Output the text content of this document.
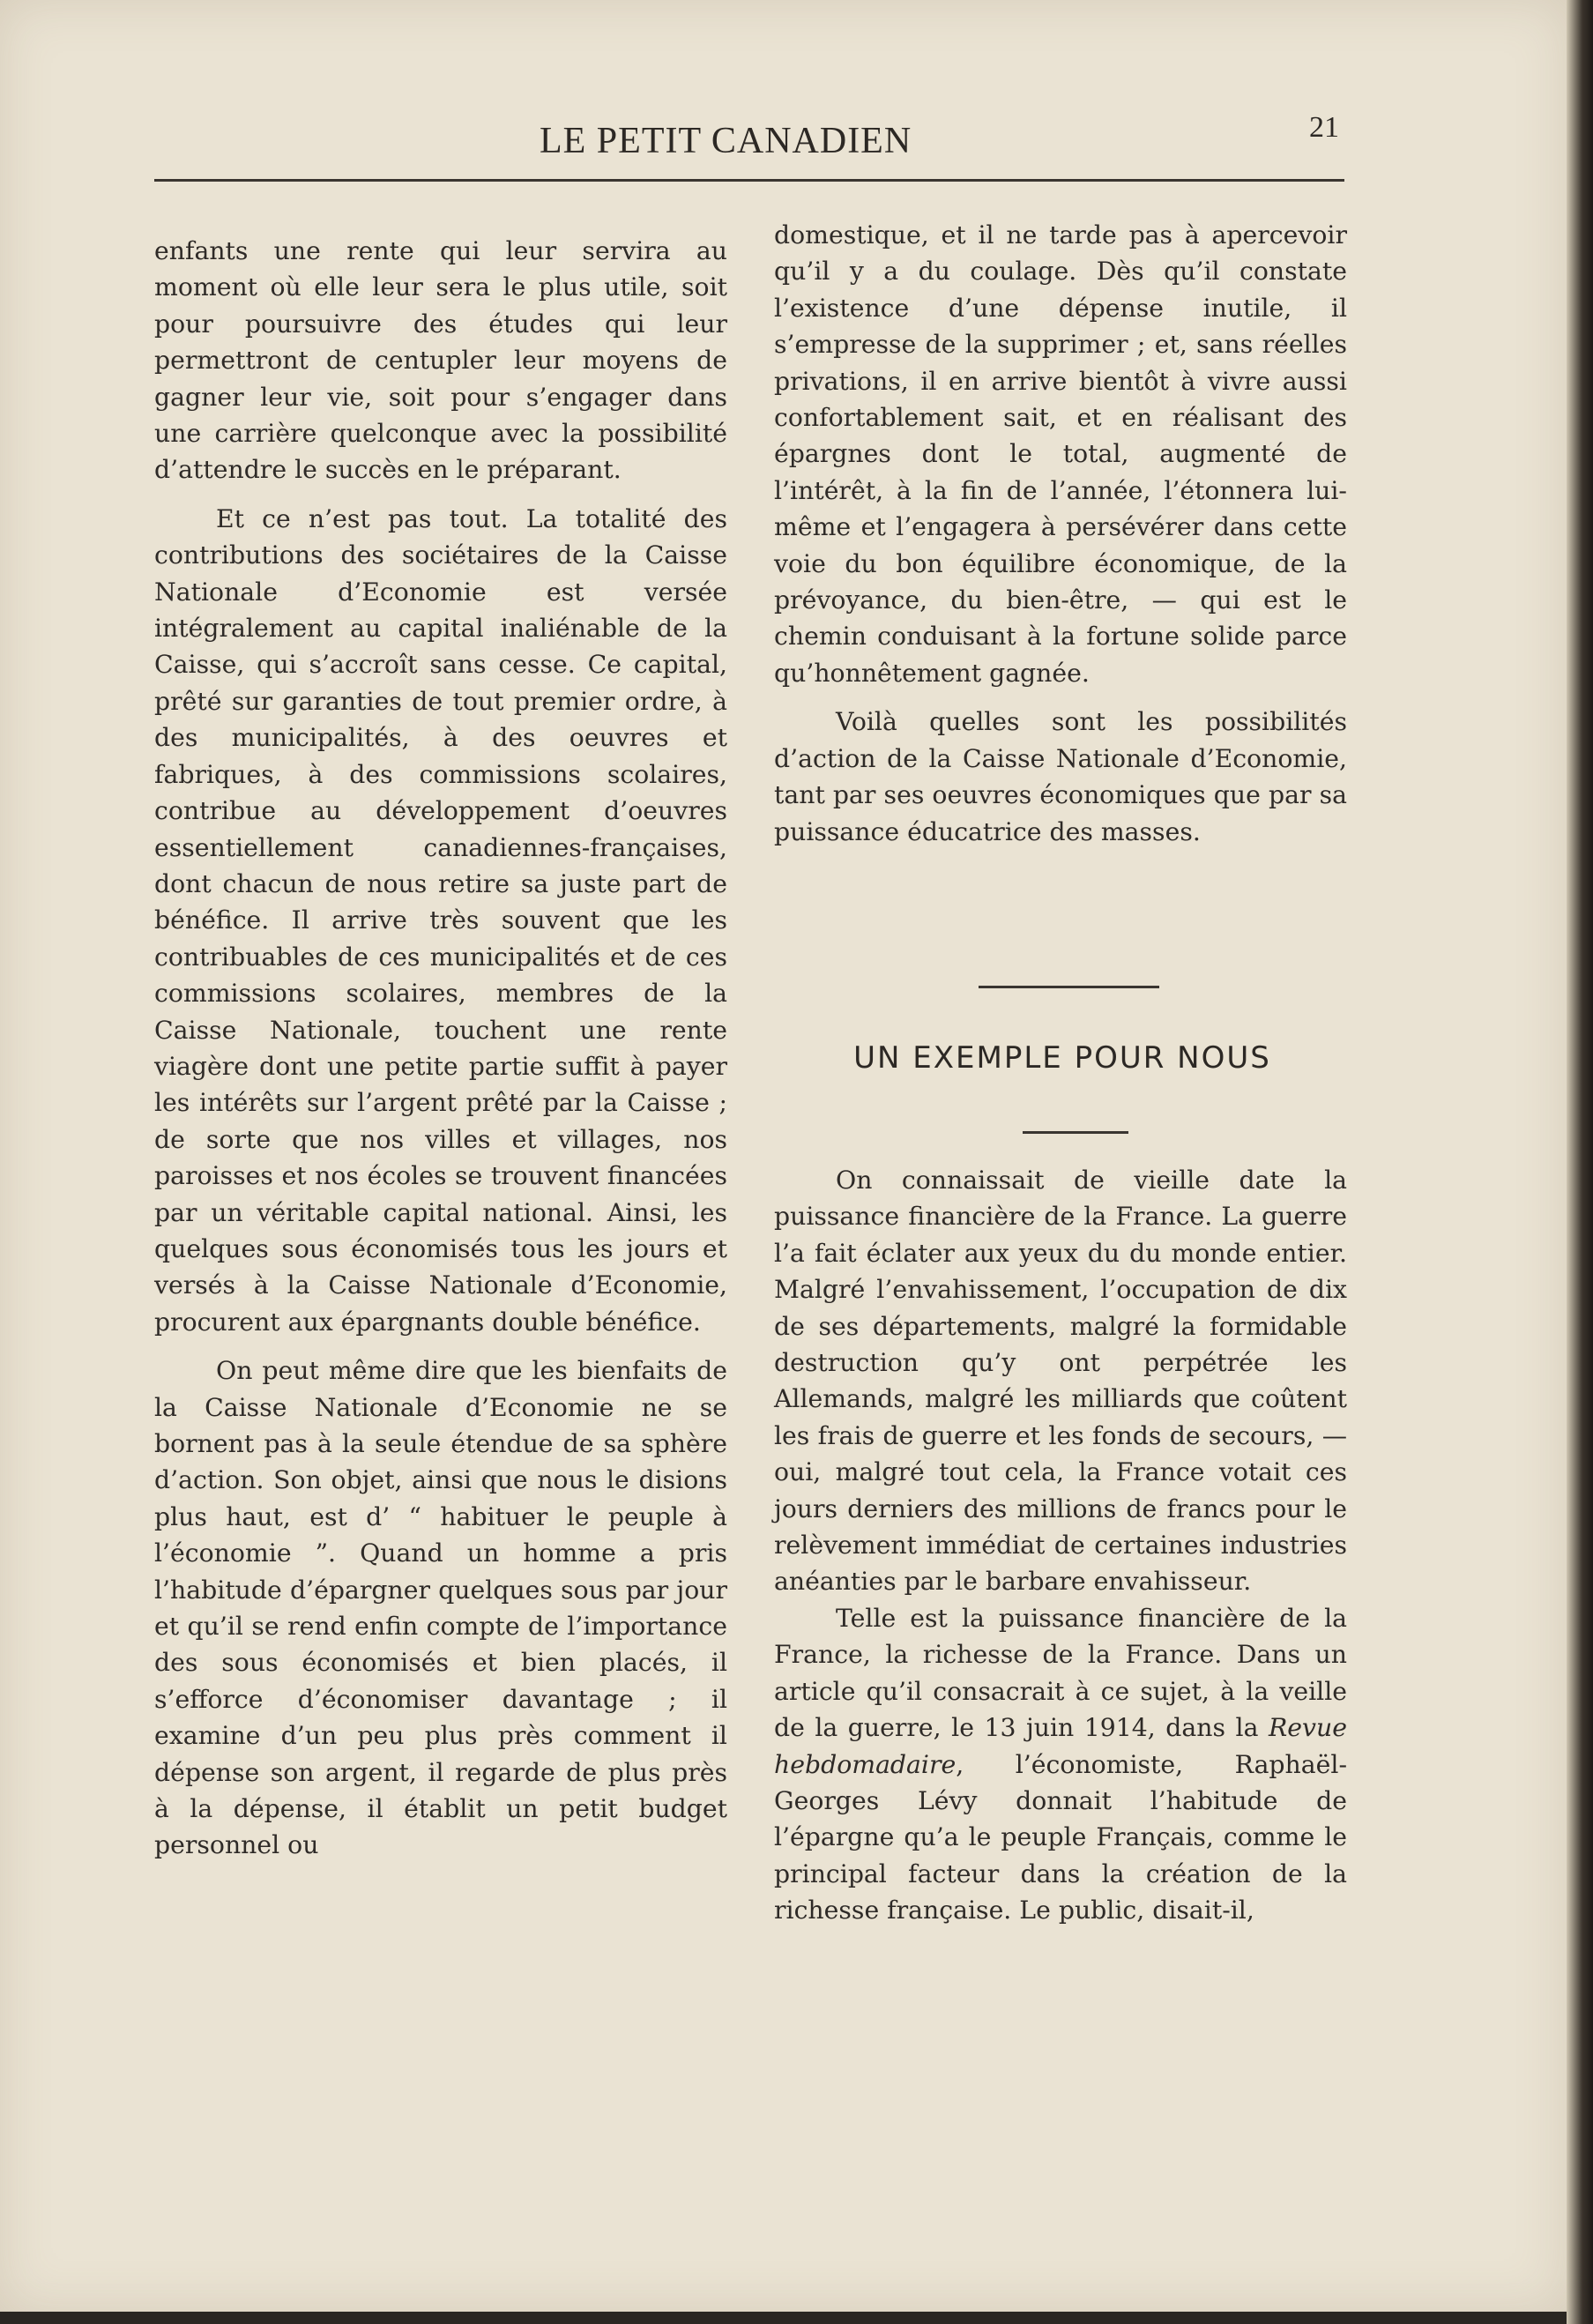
LE PETIT CANADIEN	21

enfants une rente qui leur servira au moment où elle leur sera le plus utile, soit pour poursuivre des études qui leur permettront de centupler leur moyens de gagner leur vie, soit pour s’engager dans une carrière quelconque avec la possibilité d’attendre le succès en le préparant.

Et ce n’est pas tout. La totalité des contributions des sociétaires de la Caisse Nationale d’Economie est versée intégralement au capital inaliénable de la Caisse, qui s’accroît sans cesse. Ce capital, prêté sur garanties de tout premier ordre, à des municipalités, à des oeuvres et fabriques, à des commissions scolaires, contribue au développement d’oeuvres essentiellement canadiennes-françaises, dont chacun de nous retire sa juste part de bénéfice. Il arrive très souvent que les contribuables de ces municipalités et de ces commissions scolaires, membres de la Caisse Nationale, touchent une rente viagère dont une petite partie suffit à payer les intérêts sur l’argent prêté par la Caisse ; de sorte que nos villes et villages, nos paroisses et nos écoles se trouvent financées par un véritable capital national. Ainsi, les quelques sous économisés tous les jours et versés à la Caisse Nationale d’Economie, procurent aux épargnants double bénéfice.

On peut même dire que les bienfaits de la Caisse Nationale d’Economie ne se bornent pas à la seule étendue de sa sphère d’action. Son objet, ainsi que nous le disions plus haut, est d’ “ habituer le peuple à l’économie ”. Quand un homme a pris l’habitude d’épargner quelques sous par jour et qu’il se rend enfin compte de l’importance des sous économisés et bien placés, il s’efforce d’économiser davantage ; il examine d’un peu plus près comment il dépense son argent, il regarde de plus près à la dépense, il établit un petit budget personnel ou

domestique, et il ne tarde pas à apercevoir qu’il y a du coulage. Dès qu’il constate l’existence d’une dépense inutile, il s’empresse de la supprimer ; et, sans réelles privations, il en arrive bientôt à vivre aussi confortablement sait, et en réalisant des épargnes dont le total, augmenté de l’intérêt, à la fin de l’année, l’étonnera lui-même et l’engagera à persévérer dans cette voie du bon équilibre économique, de la prévoyance, du bien-être, — qui est le chemin conduisant à la fortune solide parce qu’honnêtement gagnée.

Voilà quelles sont les possibilités d’action de la Caisse Nationale d’Economie, tant par ses oeuvres économiques que par sa puissance éducatrice des masses.

UN EXEMPLE POUR NOUS

On connaissait de vieille date la puissance financière de la France. La guerre l’a fait éclater aux yeux du du monde entier. Malgré l’envahissement, l’occupation de dix de ses départements, malgré la formidable destruction qu’y ont perpétrée les Allemands, malgré les milliards que coûtent les frais de guerre et les fonds de secours, — oui, malgré tout cela, la France votait ces jours derniers des millions de francs pour le relèvement immédiat de certaines industries anéanties par le barbare envahisseur.

Telle est la puissance financière de la France, la richesse de la France. Dans un article qu’il consacrait à ce sujet, à la veille de la guerre, le 13 juin 1914, dans la Revue hebdomadaire, l’économiste, Raphaël-Georges Lévy donnait l’habitude de l’épargne qu’a le peuple Français, comme le principal facteur dans la création de la richesse française. Le public, disait-il,
